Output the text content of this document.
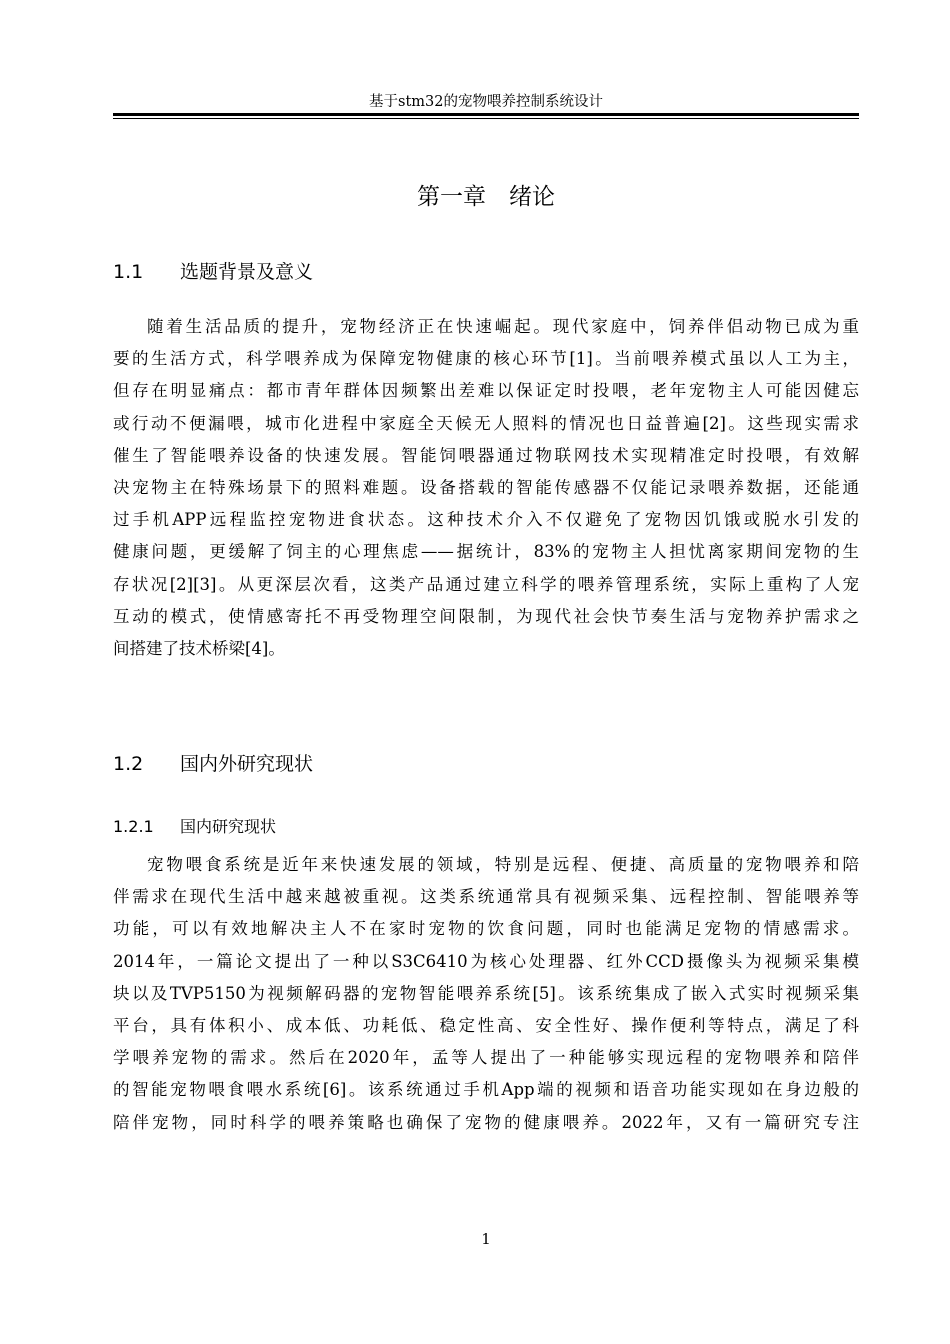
基于stm32的宠物喂养控制系统设计
第一章　绪论
1.1 选题背景及意义
随着生活品质的提升，宠物经济正在快速崛起。现代家庭中，饲养伴侣动物已成为重
要的生活方式，科学喂养成为保障宠物健康的核心环节[1]。当前喂养模式虽以人工为主，
但存在明显痛点：都市青年群体因频繁出差难以保证定时投喂，老年宠物主人可能因健忘
或行动不便漏喂，城市化进程中家庭全天候无人照料的情况也日益普遍[2]。这些现实需求
催生了智能喂养设备的快速发展。智能饲喂器通过物联网技术实现精准定时投喂，有效解
决宠物主在特殊场景下的照料难题。设备搭载的智能传感器不仅能记录喂养数据，还能通
过手机APP远程监控宠物进食状态。这种技术介入不仅避免了宠物因饥饿或脱水引发的
健康问题，更缓解了饲主的心理焦虑——据统计，83%的宠物主人担忧离家期间宠物的生
存状况[2][3]。从更深层次看，这类产品通过建立科学的喂养管理系统，实际上重构了人宠
互动的模式，使情感寄托不再受物理空间限制，为现代社会快节奏生活与宠物养护需求之
间搭建了技术桥梁[4]。
1.2 国内外研究现状
1.2.1 国内研究现状
宠物喂食系统是近年来快速发展的领域，特别是远程、便捷、高质量的宠物喂养和陪
伴需求在现代生活中越来越被重视。这类系统通常具有视频采集、远程控制、智能喂养等
功能，可以有效地解决主人不在家时宠物的饮食问题，同时也能满足宠物的情感需求。
2014年，一篇论文提出了一种以S3C6410为核心处理器、红外CCD摄像头为视频采集模
块以及TVP5150为视频解码器的宠物智能喂养系统[5]。该系统集成了嵌入式实时视频采集
平台，具有体积小、成本低、功耗低、稳定性高、安全性好、操作便利等特点，满足了科
学喂养宠物的需求。然后在2020年，孟等人提出了一种能够实现远程的宠物喂养和陪伴
的智能宠物喂食喂水系统[6]。该系统通过手机App端的视频和语音功能实现如在身边般的
陪伴宠物，同时科学的喂养策略也确保了宠物的健康喂养。2022年，又有一篇研究专注
1
